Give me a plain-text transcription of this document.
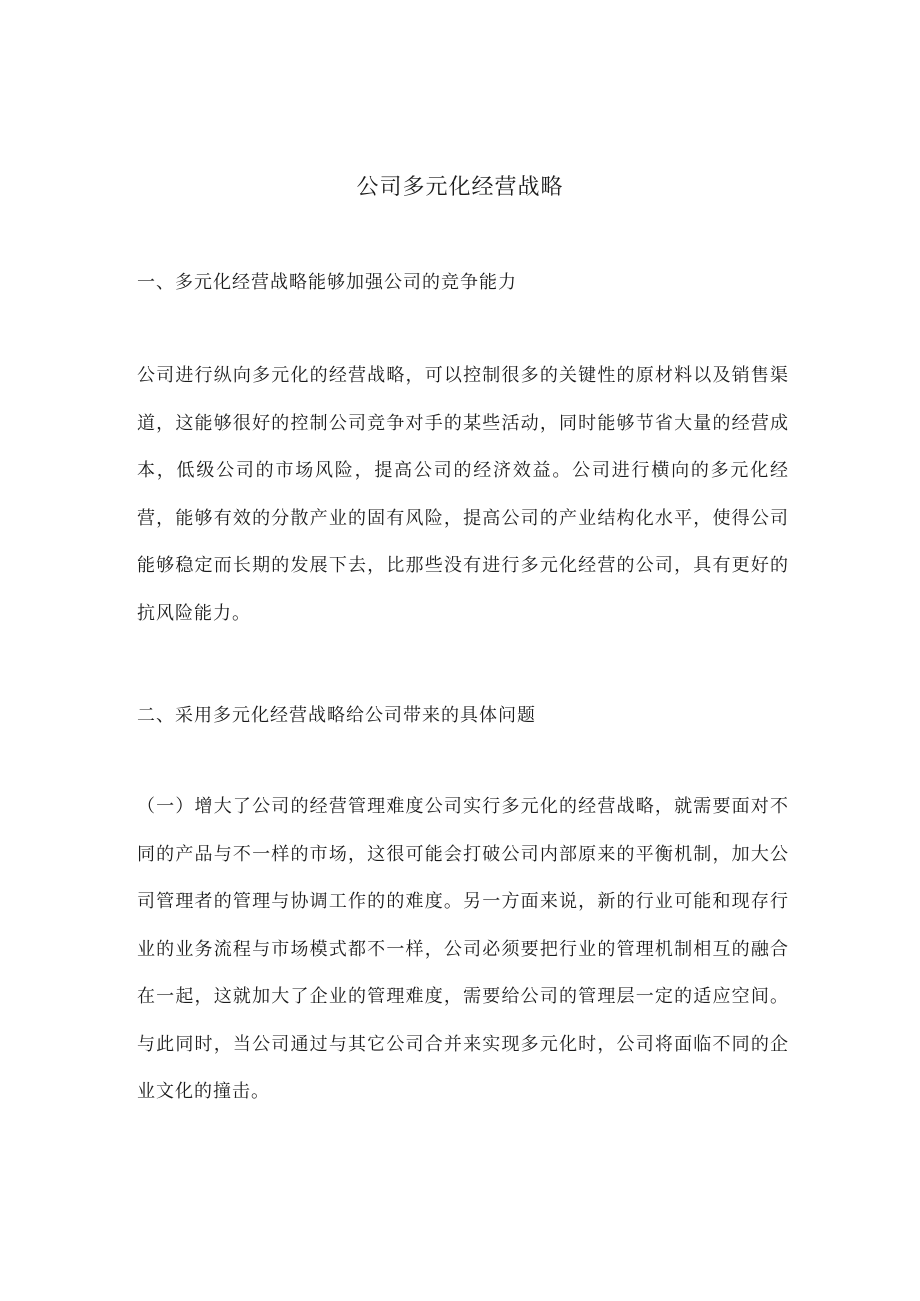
公司多元化经营战略
一、多元化经营战略能够加强公司的竞争能力

公司进行纵向多元化的经营战略，可以控制很多的关键性的原材料以及销售渠道，这能够很好的控制公司竞争对手的某些活动，同时能够节省大量的经营成本，低级公司的市场风险，提高公司的经济效益。公司进行横向的多元化经营，能够有效的分散产业的固有风险，提高公司的产业结构化水平，使得公司能够稳定而长期的发展下去，比那些没有进行多元化经营的公司，具有更好的抗风险能力。

二、采用多元化经营战略给公司带来的具体问题

（一）增大了公司的经营管理难度公司实行多元化的经营战略，就需要面对不同的产品与不一样的市场，这很可能会打破公司内部原来的平衡机制，加大公司管理者的管理与协调工作的的难度。另一方面来说，新的行业可能和现存行业的业务流程与市场模式都不一样，公司必须要把行业的管理机制相互的融合在一起，这就加大了企业的管理难度，需要给公司的管理层一定的适应空间。与此同时，当公司通过与其它公司合并来实现多元化时，公司将面临不同的企业文化的撞击。
